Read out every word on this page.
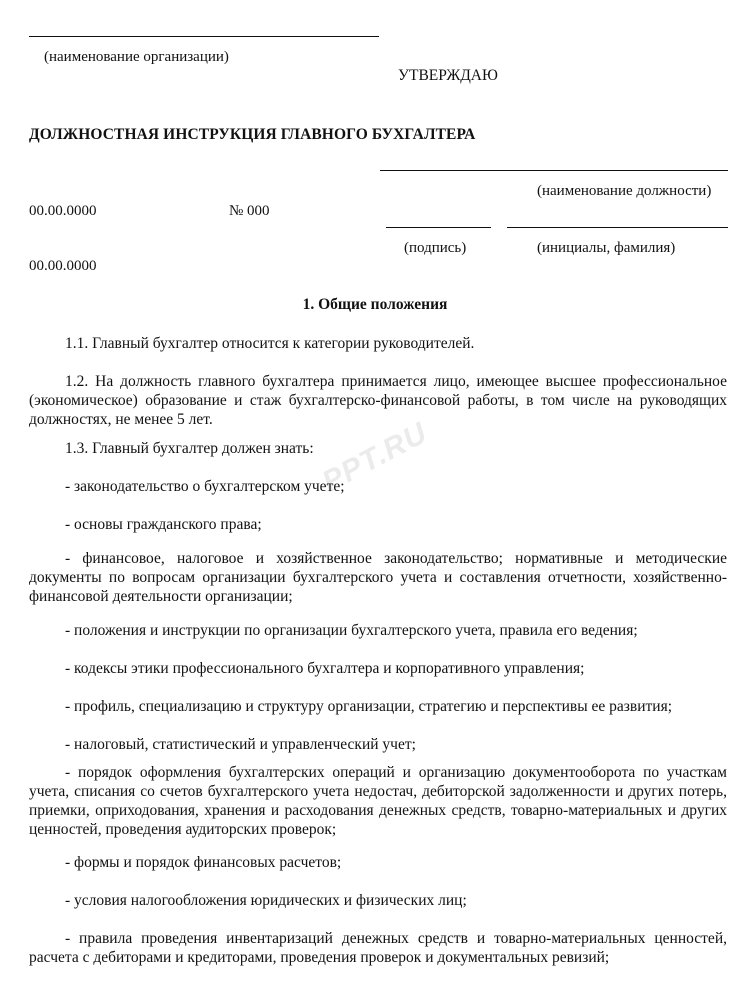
(наименование организации)
УТВЕРЖДАЮ
ДОЛЖНОСТНАЯ ИНСТРУКЦИЯ ГЛАВНОГО БУХГАЛТЕРА
(наименование должности)
00.00.0000	№ 000
(подпись)	(инициалы, фамилия)
00.00.0000
1. Общие положения
PPT.RU
1.1. Главный бухгалтер относится к категории руководителей.
1.2. На должность главного бухгалтера принимается лицо, имеющее высшее профессиональное (экономическое) образование и стаж бухгалтерско-финансовой работы, в том числе на руководящих должностях, не менее 5 лет.
1.3. Главный бухгалтер должен знать:
- законодательство о бухгалтерском учете;
- основы гражданского права;
- финансовое, налоговое и хозяйственное законодательство; нормативные и методические документы по вопросам организации бухгалтерского учета и составления отчетности, хозяйственно-финансовой деятельности организации;
- положения и инструкции по организации бухгалтерского учета, правила его ведения;
- кодексы этики профессионального бухгалтера и корпоративного управления;
- профиль, специализацию и структуру организации, стратегию и перспективы ее развития;
- налоговый, статистический и управленческий учет;
- порядок оформления бухгалтерских операций и организацию документооборота по участкам учета, списания со счетов бухгалтерского учета недостач, дебиторской задолженности и других потерь, приемки, оприходования, хранения и расходования денежных средств, товарно-материальных и других ценностей, проведения аудиторских проверок;
- формы и порядок финансовых расчетов;
- условия налогообложения юридических и физических лиц;
- правила проведения инвентаризаций денежных средств и товарно-материальных ценностей, расчета с дебиторами и кредиторами, проведения проверок и документальных ревизий;
